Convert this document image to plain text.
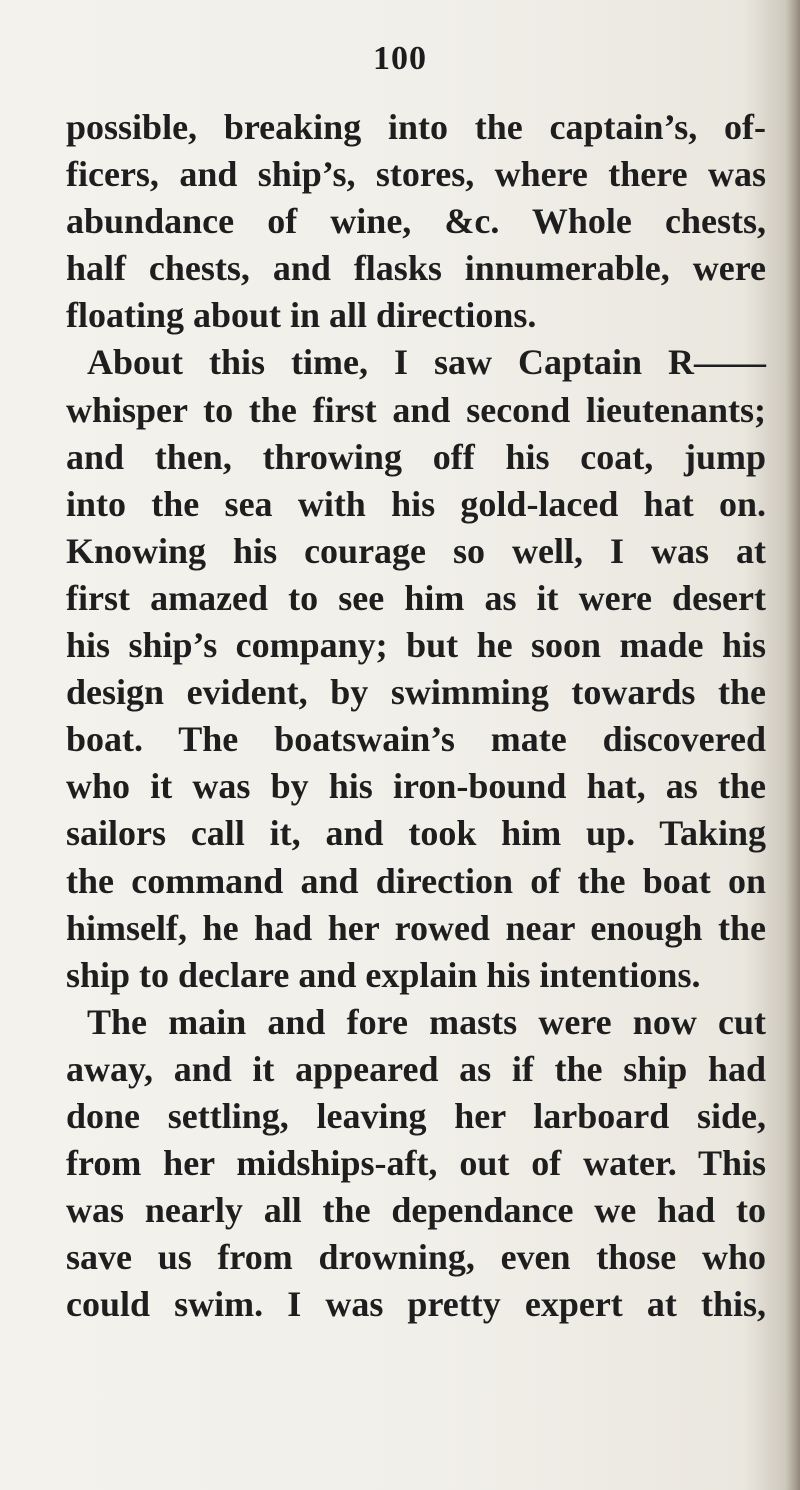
100
possible, breaking into the captain’s, of-
ficers, and ship’s, stores, where there was
abundance of wine, &c. Whole chests,
half chests, and flasks innumerable, were
floating about in all directions.
About this time, I saw Captain R——
whisper to the first and second lieutenants;
and then, throwing off his coat, jump
into the sea with his gold-laced hat on.
Knowing his courage so well, I was at
first amazed to see him as it were desert
his ship’s company; but he soon made his
design evident, by swimming towards the
boat. The boatswain’s mate discovered
who it was by his iron-bound hat, as the
sailors call it, and took him up. Taking
the command and direction of the boat on
himself, he had her rowed near enough the
ship to declare and explain his intentions.
The main and fore masts were now cut
away, and it appeared as if the ship had
done settling, leaving her larboard side,
from her midships-aft, out of water. This
was nearly all the dependance we had to
save us from drowning, even those who
could swim. I was pretty expert at this,
